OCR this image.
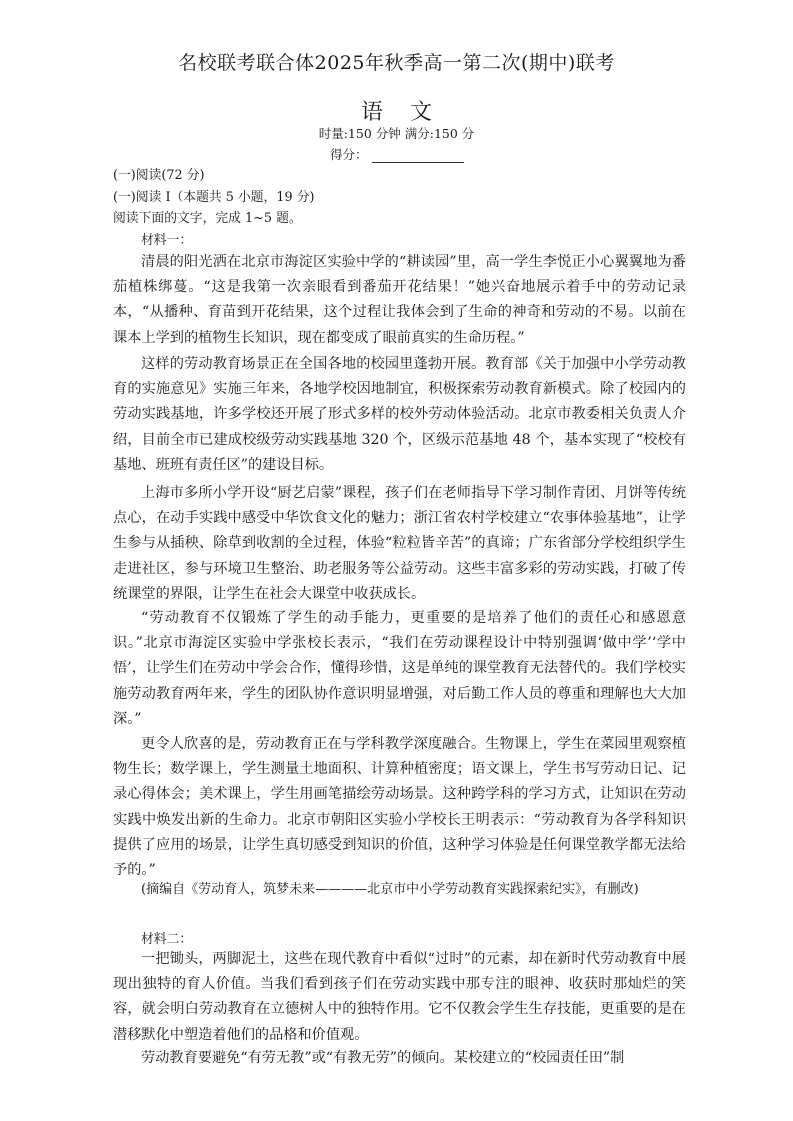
名校联考联合体2025年秋季高一第二次(期中)联考
语 文
时量:150 分钟 满分:150 分
得分：
(一)阅读(72 分)
(一)阅读 I（本题共 5 小题，19 分)
阅读下面的文字，完成 1~5 题。
材料一：
清晨的阳光洒在北京市海淀区实验中学的“耕读园”里，高一学生李悦正小心翼翼地为番茄植株绑蔓。“这是我第一次亲眼看到番茄开花结果！”她兴奋地展示着手中的劳动记录本，“从播种、育苗到开花结果，这个过程让我体会到了生命的神奇和劳动的不易。以前在课本上学到的植物生长知识，现在都变成了眼前真实的生命历程。”
这样的劳动教育场景正在全国各地的校园里蓬勃开展。教育部《关于加强中小学劳动教育的实施意见》实施三年来，各地学校因地制宜，积极探索劳动教育新模式。除了校园内的劳动实践基地，许多学校还开展了形式多样的校外劳动体验活动。北京市教委相关负责人介绍，目前全市已建成校级劳动实践基地 320 个，区级示范基地 48 个，基本实现了“校校有基地、班班有责任区”的建设目标。
上海市多所小学开设“厨艺启蒙”课程，孩子们在老师指导下学习制作青团、月饼等传统点心，在动手实践中感受中华饮食文化的魅力；浙江省农村学校建立“农事体验基地”，让学生参与从插秧、除草到收割的全过程，体验“粒粒皆辛苦”的真谛；广东省部分学校组织学生走进社区，参与环境卫生整治、助老服务等公益劳动。这些丰富多彩的劳动实践，打破了传统课堂的界限，让学生在社会大课堂中收获成长。
“劳动教育不仅锻炼了学生的动手能力，更重要的是培养了他们的责任心和感恩意识。”北京市海淀区实验中学张校长表示，“我们在劳动课程设计中特别强调‘做中学’‘学中悟’，让学生们在劳动中学会合作，懂得珍惜，这是单纯的课堂教育无法替代的。我们学校实施劳动教育两年来，学生的团队协作意识明显增强，对后勤工作人员的尊重和理解也大大加深。”
更令人欣喜的是，劳动教育正在与学科教学深度融合。生物课上，学生在菜园里观察植物生长；数学课上，学生测量土地面积、计算种植密度；语文课上，学生书写劳动日记、记录心得体会；美术课上，学生用画笔描绘劳动场景。这种跨学科的学习方式，让知识在劳动实践中焕发出新的生命力。北京市朝阳区实验小学校长王明表示：“劳动教育为各学科知识提供了应用的场景，让学生真切感受到知识的价值，这种学习体验是任何课堂教学都无法给予的。”
(摘编自《劳动育人，筑梦未来————北京市中小学劳动教育实践探索纪实》，有删改)
材料二：
一把锄头，两脚泥土，这些在现代教育中看似“过时”的元素，却在新时代劳动教育中展现出独特的育人价值。当我们看到孩子们在劳动实践中那专注的眼神、收获时那灿烂的笑容，就会明白劳动教育在立德树人中的独特作用。它不仅教会学生生存技能，更重要的是在潜移默化中塑造着他们的品格和价值观。
劳动教育要避免“有劳无教”或“有教无劳”的倾向。某校建立的“校园责任田”制
